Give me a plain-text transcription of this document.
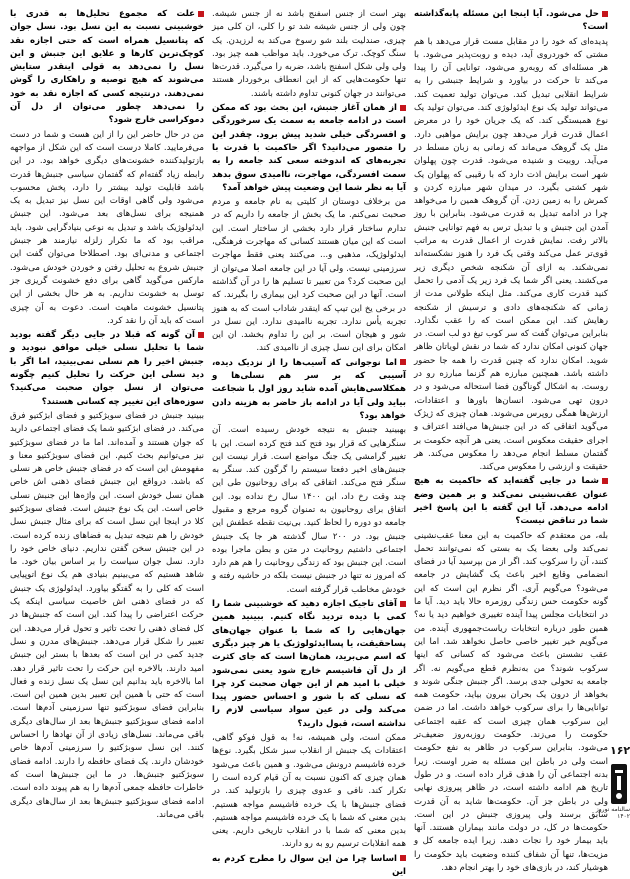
حل می‌شود. آیا اینجا این مسئله پا‌به‌گذاشته است؟

پدیده‌ای که خود را در مقابل مست قرار می‌دهد با هم مشتی که خورد‌رو‌ی آید، دیده و روبت‌پذیر می‌شود. با هر مسئله‌ای که روبه‌رو می‌شود، توانایی آن را پیدا می‌کند تا حرکت در بیاورد و شرایط جنبشی را به شرایط انقلابی تبدیل کند. می‌توان تولید تعمیت کند. می‌تواند تولید یک نوع ایدئولوژی کند. می‌توان تولید یک نوع همبستگی کند. که یک جریان خود را در معرض اعمال قدرت قرار می‌دهد چون برایش مواهبی دارد. مثل یک گروهک می‌ماند که زمانی به زبان مسلط در می‌آید. روبیت و شنیده می‌شود. قدرت چون پهلوان شهر است برایش اذت دارد که با رقیبی که پهلوان یک شهر کشتی بگیرد. در میدان شهر مبارزه کردن و کمرش را به زمین زدن. آن گروهک همین را می‌خواهد چرا در ادامه تبدیل به قدرت می‌شود. بنابراین با روز آمدن این جنبش و با تبدیل ترس به فهم توانایی جنبش بالاتر رفت. نمایش قدرت از اعمال قدرت به مراتب قوی‌تر عمل می‌کند وقتی یک فرد را هنوز نشکسته‌اند نمی‌شکند. به ازای آن شکنجه شخص دیگری زیر می‌کشند. یعنی اگر شما یک فرد زیر یک آدمی را تحمل کنید قدرت کاری می‌کند. مثل اینکه طولانی مدت از زمانی که شکنجه‌های دادی و ترسیش از شکنجه رهایش کند. این ممکن است که را عقب نگذارد. بنابراین می‌توان گفت که سر کوب تیغ دو لب است. در جهان کنونی امکان ندارد که شما در نقش لویاتان ظاهر شوید. امکان ندارد که چنین قدرت را همه جا حضور داشته باشد. همچنین مبارزه هم گزنما مبارزه رو در روست. به اشکال گوناگون فضا استحاله می‌شود و در درون تهی می‌شود. انسان‌ها باورها و اعتقادات، ارزش‌ها همگی روپرس می‌شوند. همان چیزی که ژیژک می‌گوید اتفاقی که در این جنبش‌ها می‌افتد اعتراف و اجرای حقیقت معکوس است. یعنی هر آنچه حکومت بر گفتمان مسلط انجام می‌دهد را معکوس می‌کند. هر حقیقت و ارزشی را معکوس می‌کند.

شما در جایی گفته‌اید که حاکمیت به هیچ عنوان عقب‌نشینی نمی‌کند و بر همین وضع ادامه می‌دهد. آیا این گفته با این پاسخ اخیر شما در تناقض نیست؟

بله، من معتقدم که حاکمیت به این معنا عقب‌نشینی نمی‌کند ولی بعضا یک به بستی که نمی‌توانند تحمل کنند، آن را سرکوب کند. اگر از من بپرسید آیا در فضای انضمامی وقایع اخیر باعث یک گشایش در جامعه می‌شود؟ می‌گویم آری. اگر نظرم این است که این گونه حکومت حس زندگی روزمره حالا باید دید. آیا ما در انتخابات مجلس پیدا آینده تغییری خواهیم دید یا نه؟ همین طور درباره انتخابات ریاست‌جمهوری آینده. من می‌گویم خیر تغییر خاصی حاصل نخواهد شد. اما این عقب نشستن باعث می‌شود که کسانی که اینها سرکوب شوند؟ من به‌نظرم قطع می‌گویم نه. اگر جامعه به تحولی جدی برسد. اگر جنبش جنگی شوند و بخواهد از درون یک بحران بیرون بیاید، حکومت همه توانایی‌ها را برای سرکوب خواهد داشت. اما در ضمن این سرکوب همان چیزی است که عقبه اجتماعی حکومت را می‌زند. حکومت روزبه‌روز ضعیف‌تر می‌شود. بنابراین سرکوب در ظاهر به نفع حکومت است ولی در باطن این مسئله به ضرر اوست. زیرا بدنه اجتماعی آن را هدف قرار داده است. و در طول تاریخ هم ادامه داشته است، در ظاهر پیروزی نهایی ولی در باطن جز آن. حکومت‌ها شاید به آن قدرت سابق برسند ولی پیروزی جنبش در این است. حکومت‌ها در کل، در دولت مانند بیماران هستند. آنها باید بیمار خود را نجات دهند. زیرا ایده جامعه کل و مزیت‌ها، تنها آن شفاف کننده وضعیت باید حکومت را هوشیار کند، در بازی‌های خود را بهتر انجام دهد.

بهتر است از جنس اسفنج باشد نه از جنس شیشه. چون ولی از جنس شیشه شد تو را کلی، ان کلی میز چیزی، صندلیت بلند شو رسوخ می‌کند به لرزیدن. یک سنگ کوچک. ترک می‌خورد. باید مواظب همه چیز بود. ولی ولی شکل اسفنج باشد، ضربه را می‌گیرد. قدرت‌ها تنها حکومت‌هایی که از این انعطاف برخوردار هستند می‌توانند در جهان کنونی تداوم داشته باشند.

از همان آغاز جنبش، این بحث بود که ممکن است در ادامه جامعه به سمت یک سرخوردگی و افسردگی خیلی شدید پیش برود. چقدر این را متصور می‌دانید؟ اگر حاکمیت با قدرت با تجربه‌های که اندوخته سعی کند جامعه را به سمت افسردگی، مهاجرت، ناامیدی سوق بدهد آیا به نظر شما این وضعیت پیش خواهد آمد؟

من برخلاف دوستان از کلیتی به نام جامعه و مردم صحبت نمی‌کنم. ما یک بخش از جامعه را داریم که در تدارم ساختار قرار دارد بخشی از ساختار است. این است که این میان هستند کسانی که مهاجرت فرهنگی، ایدئولوژیک، مذهبی و... می‌کنند یعنی فقط مهاجرت سرزمینی نیست. ولی آیا در این جامعه اصلا می‌توان از این صحبت کرد؟ من تعبیر تا تسلیم ها را در آن گذاشته است. آنها در این صحبت کرد این بیماری را بگیرند. که در برخی یخ این تیپ که اینقدر شاداب است که به هنوز تجربه یأس ندارد. تجربه ناامیدی ندارد. این نسل در شور و هیجان است. بر این را تداوم بخشد. ان این امکان برای این نسل چیزی از ناامیدی کند.

اما نوجوانی که آسیب‌ها را از نزدیک دیده، آسیبی که بر سر هم نسلی‌ها و همکلاسی‌هایش آمده شاید روز اول با شجاعت بیاید ولی آیا در ادامه باز حاضر به هزینه دادن خواهد بود؟

بهبینید جنبش به نتیجه خودش رسیده است. آن سنگرهایی که قرار بود فتح کند فتح کرده است. این با تغییر گرامشی یک جنگ مواضع است. قرار نیست این جنبش‌های اخیر دفعتا سیستم را گرگون کند. سنگر به سنگر فتح می‌کند. اتفاقی که برای روحانیون طی این چند وقت رخ داد، این ۱۴۰۰ سال رخ نداده بود. این اتفاق برای روحانیون به تمنوان گروه مرجع و مقبول جامعه دو دوره را لحاظ کنید. بی‌نیت نقطه عطفش این جنبش بود. در ۲۰۰ سال گذشته هر جا یک جنبش اجتماعی داشتیم روحانیت در متن و بطن ماجرا بوده است. این جنبش بود که زندگی روحانیت را هم هم دارد که امروز نه تنها در جنبش نیست بلکه در حاشیه رفته و خودش مخاطب قرار گرفته است.

آقای تاجیک اجازه دهید که خوشبینی شما را کمی با دیده تردید نگاه کنیم. ببینید همین جهان‌هایی را که شما با عنوان جهان‌های پسا‌حقیقت، یا پساایدئولوژیک یا هر چیز دیگری که اسم می‌برید، همان‌ها است که جای کثرت از دل آن فاشیسم خارج شود یعنی نمی‌شود خیلی با امید هم از این جهان صحبت کرد چرا که نسلی که با شور و احساس حضور پیدا می‌کند ولی در عین سواد سیاسی لازم را نداشته است، قبول دارید؟

ممکن است، ولی همیشه، نه! به قول فوکو گاهی، اعتقادات یک جنبش از انقلاب سبز شکل بگیرد. نوع‌ها خرده فاشیسم درونش می‌شود. و همین باعث می‌شود همان چیزی که اکنون نسبت به آن قیام کرده است را تکرار کند. نافی و عدوی چیزی را بازتولید کند. در فضای جنبش‌ها با یک خرده فاشیسم مواجه هستیم. بدین معنی که شما با یک خرده فاشیسم مواجه هستیم. بدین معنی که شما با در انقلاب تاریخی داریم. یعنی همه انقلابات ترسیم رو به رو دارند.

اساسا چرا من این سوال را مطرح کردم به این

علت که مجموع تحلیل‌ها به قدری با خوشبینی نسبت به این نسل بود. نسل جوان که پتانسیل همراه است که حتی اجازه نقد کوچک‌ترین کارها و علایق این جنبش و این نسل را نمی‌دهد به قولی اینقدر ستایش می‌شوند که هیچ توصیه و راهکاری را گوش نمی‌دهند. درنتیجه کسی که اجازه نقد به خود را نمی‌دهد چطور می‌توان از دل آن دموکراسی خارج شود؟

من در حال حاضر این را از این هست و شما در دست می‌فرمایید. کاملا درست است که این شکل از مواجهه بازتولیدکننده خشونت‌های دیگری خواهد بود. در این رابطه زیاد گفته‌ام که گفتمان سیاسی جنبش‌ها قدرت باشد قابلیت تولید بیشتر را دارد، پخش محسوب می‌شود ولی گاهی اوقات این نسل نیز تبدیل به یک همنیجه برای نسل‌های بعد می‌شود. این جنبش ایدئولوژیک باشد و تبدیل به نوعی بنیادگرایی شود. باید مراقب بود که ما تکرار زلزله نیازمند هر جنبش اجتماعی و مدنی‌ای بود. اصطلاحا می‌توان گفت این جنبش شروع به تحلیل رفتن و خوردن خودش می‌شود. مارکس می‌گوید گاهی برای دفع خشونت گریزی جز توسل به خشونت نداریم. به هر حال بخشی از این پتانسیل خشونت ماهیت است. دعوت به آن چیزی است که باید آن را نقد کرد.

آن گونه که قبلا در جایی دیگر گفته بودید شما با تحلیل نسلی خیلی موافق نبودید و جنبش اخیر را هم نسلی نمی‌بینید، اما اگر با دید نسلی این حرکت را تحلیل کنیم چگونه می‌توان از نسل جوان صحبت می‌کنید؟ سوزه‌های این تغییر چه کسانی هستند؟

ببینید جنبش در فضای سوبژکتیو و فضای ابژکتیو فرق می‌کند. در فضای ابژکتیو شما یک فضای اجتماعی دارید که جوان هستند و آمده‌اند. اما ما در فضای سوبژکتیو نیز می‌توانیم بحث کنیم. این فضای سوبژکتیو معنا و مفهومش این است که در فضای جنبش خاص هر نسلی که باشد. درواقع این جنبش فضای ذهنی اش خاص همان نسل خودش است. این واژه‌ها این جنبش نسلی خاص است. این یک نوع جنبش است. فضای سوبژکتیو کلا در اینجا این نسل است که برای مثال جنبش نسل خودش را هم نتیجه تبدیل به فضاهای زنده کرده است. در این جنبش سخن گفتن نداریم. دنیای خاص خود را دارد. نسل جوان سیاست را بر اساس بیان خود. ما شاهد هستیم که می‌بینیم بنیادی هم یک نوع اتوپیایی است که کلی را به گفتگو بیاورد. ایدئولوژی یک جنبش که در فضای ذهنی اش خاصیت سیاسی اینکه یک حرکت اعتراضی را پیدا کند. این است که جنبش‌ها در کل فضای ذهنی را تحت تاثیر و تحول قرار می‌دهد. این تعبیر را شکل قرار می‌دهد. جنبش‌های مدرن و نسل جدید کمی در این است که بعدها با بستر این جنبش امید دارند. بالاخره این حرکت را تحت تاثیر قرار دهد. اما بالاخره باید بدانیم این نسل یک نسل زنده و فعال است که حتی با همین این تعبیر بدین همین این است. بنابراین فضای سوبژکتیو تنها سرزمینی آدم‌ها است. ادامه فضای سوبژکتیو جنبش‌ها بعد از سال‌های دیگری باقی می‌ماند. نسل‌های زیادی از آن نهادها را احساس کنند. این نسل سوبژکتیو را سرزمینی آدم‌ها خاص خودشان دارند. یک فضای حافظه را دارند. ادامه فضای سوبژکتیو جنبش‌ها. در ما این جنبش‌ها است که خاطرات حافظه جمعی آدم‌ها را به هم پیوند داده است. ادامه فضای سوبژکتیو جنبش‌ها بعد از سال‌های دیگری باقی می‌ماند.

۱۶۲
سالنامه نوروز ۱۴۰۲
